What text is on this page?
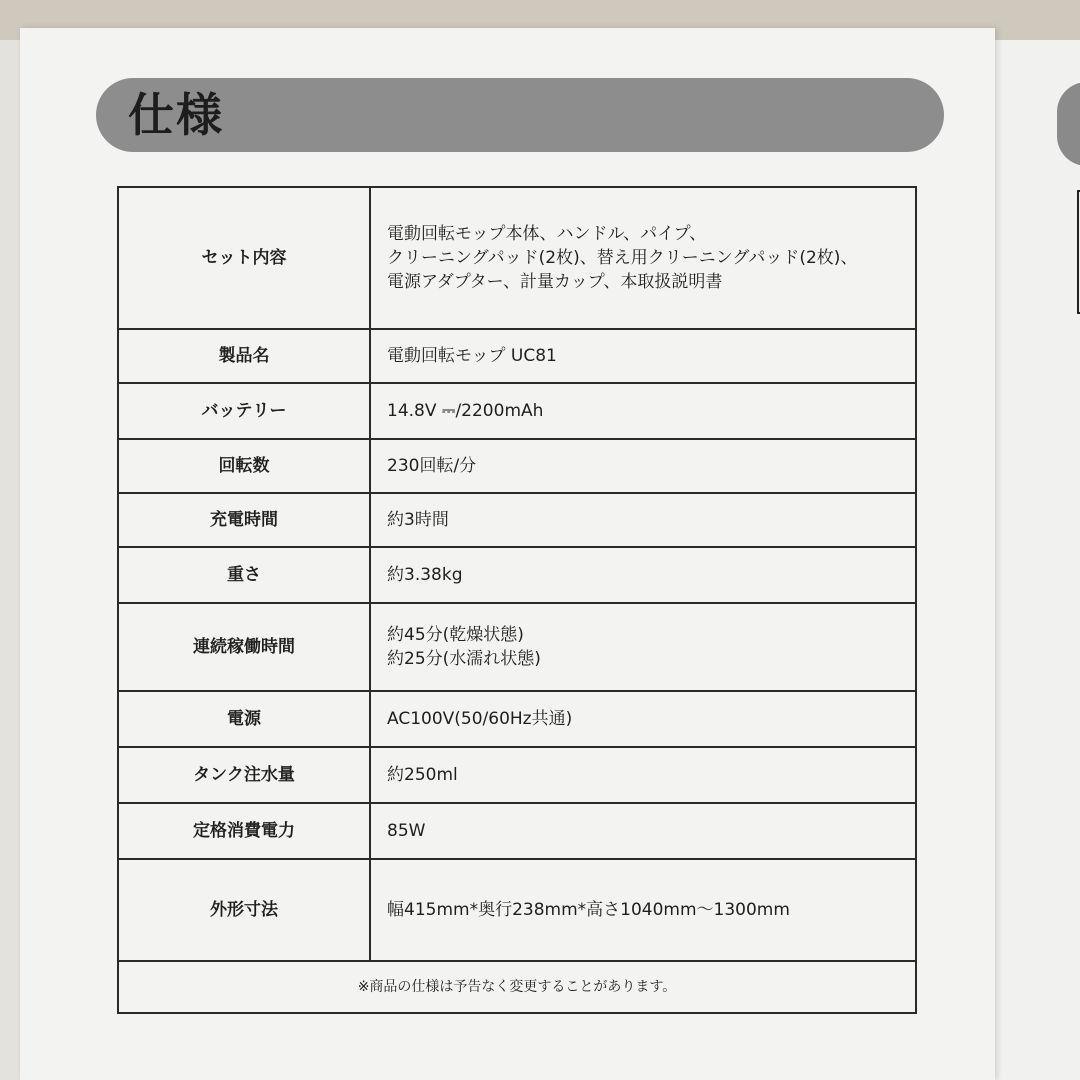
仕様
セット内容	電動回転モップ本体、ハンドル、パイプ、
クリーニングパッド(2枚)、替え用クリーニングパッド(2枚)、
電源アダプター、計量カップ、本取扱説明書

製品名	電動回転モップ UC81

バッテリー	14.8V ⎓/2200mAh

回転数	230回転/分

充電時間	約3時間

重さ	約3.38kg

連続稼働時間	約45分(乾燥状態)
約25分(水濡れ状態)

電源	AC100V(50/60Hz共通)

タンク注水量	約250ml

定格消費電力	85W

外形寸法	幅415mm*奥行238mm*高さ1040mm〜1300mm

※商品の仕様は予告なく変更することがあります。	
